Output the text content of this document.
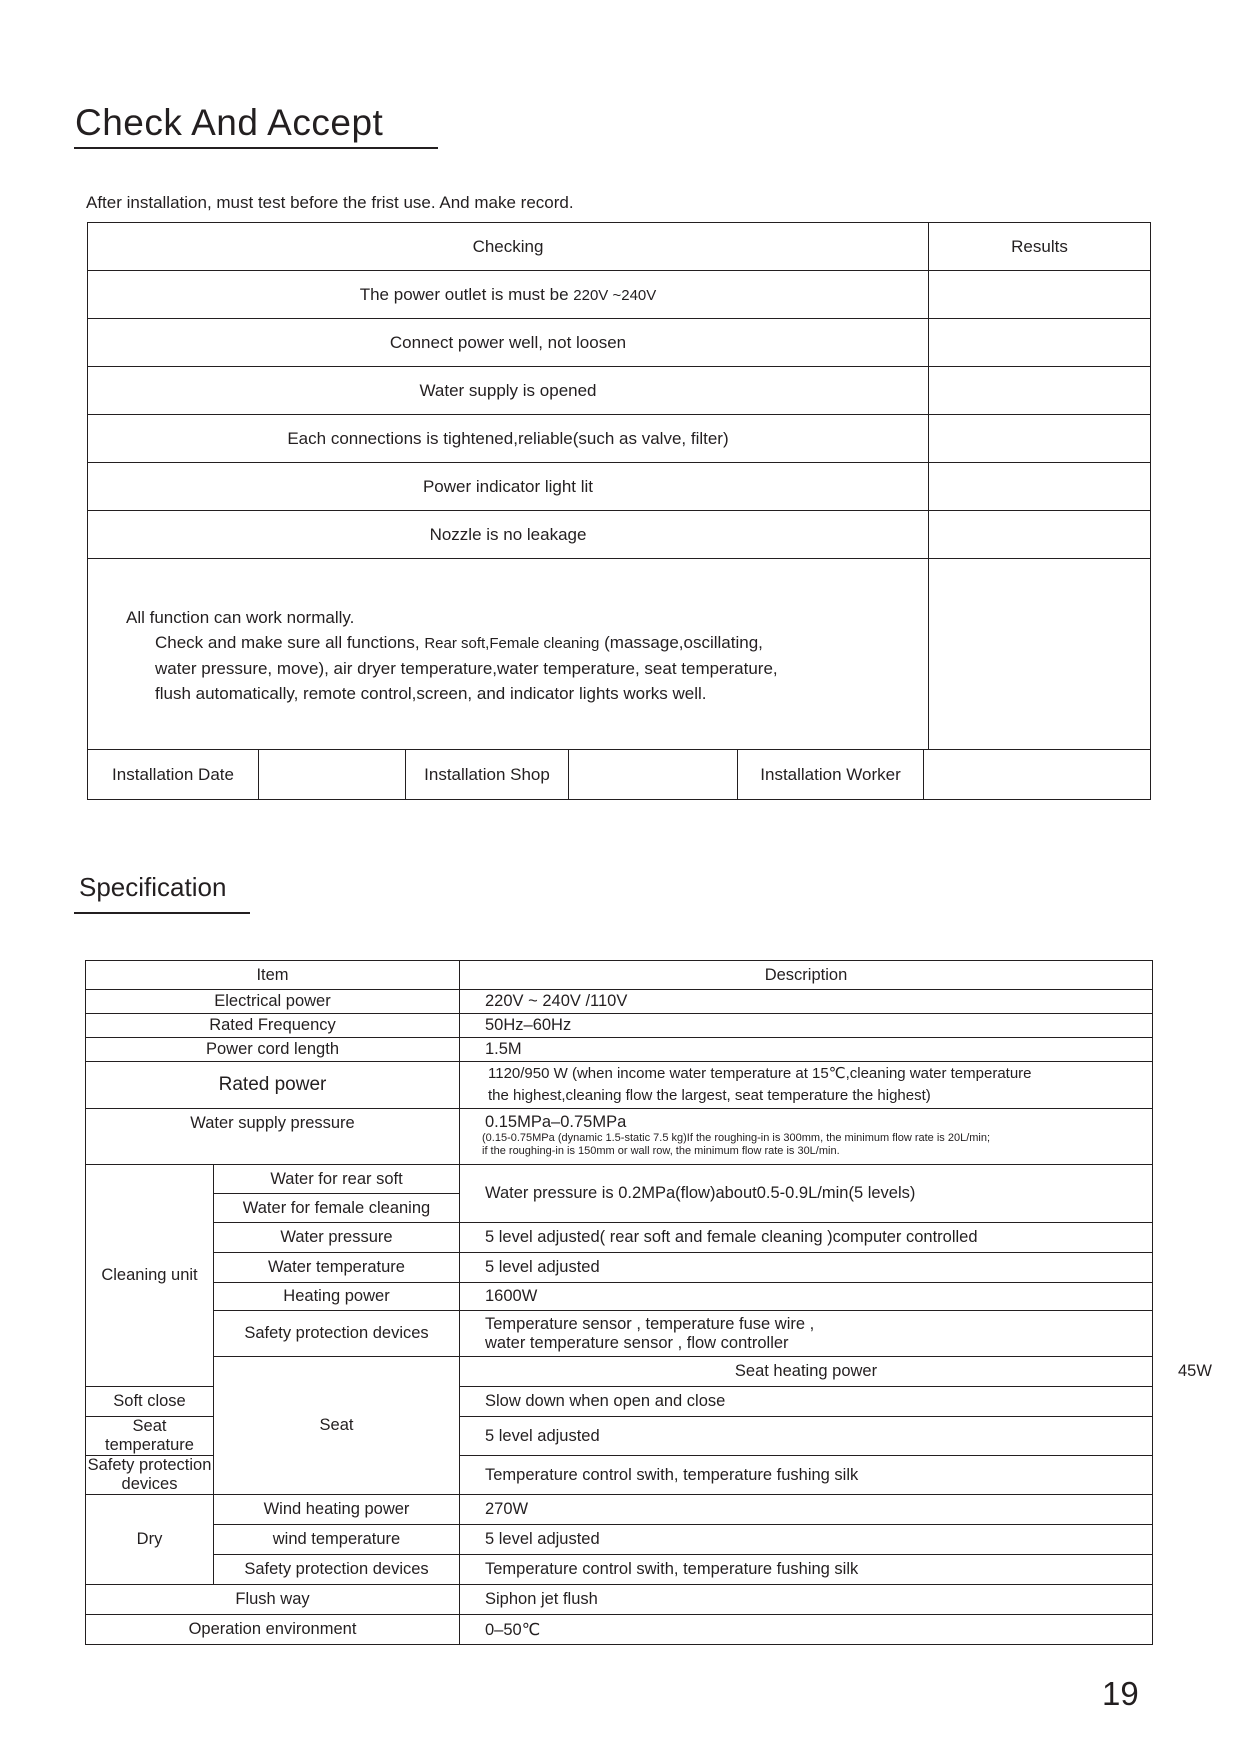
Check And Accept
After installation, must test before the frist use. And make record.
Checking	Results
The power outlet is must be 220V ~240V	
Connect power well, not loosen	
Water supply is opened	
Each connections is tightened,reliable(such as valve, filter)	
Power indicator light lit	
Nozzle is no leakage	

All function can work normally.
Check and make sure all functions, Rear soft,Female cleaning (massage,oscillating,
water pressure, move), air dryer temperature,water temperature, seat temperature,
flush automatically, remote control,screen, and indicator lights works well.	

Installation Date		Installation Shop		Installation Worker	
Specification
Item		Description	
Electrical power		220V ~ 240V /110V	
Rated Frequency		50Hz–60Hz	
Power cord length		1.5M	
Rated power		1120/950 W (when income water temperature at 15℃,cleaning water temperature
the highest,cleaning flow the largest, seat temperature the highest)	

Water supply pressure		0.15MPa–0.75MPa
(0.15-0.75MPa (dynamic 1.5-static 7.5 kg)If the roughing-in is 300mm, the minimum flow rate is 20L/min;
if the roughing-in is 150mm or wall row, the minimum flow rate is 30L/min.	

Cleaning unit	Water for rear soft	Water pressure is 0.2MPa(flow)about0.5-0.9L/min(5 levels)	
	Water for female cleaning		
	Water pressure	5 level adjusted( rear soft and female cleaning )computer controlled	
	Water temperature	5 level adjusted	
	Heating power	1600W	
	Safety protection devices	Temperature sensor , temperature fuse wire ,
water temperature sensor , flow controller	

	Seat	Seat heating power	45W
Soft close		Slow down when open and close	
Seat temperature		5 level adjusted	
Safety protection devices		Temperature control swith, temperature fushing silk	
Dry	Wind heating power	270W	
	wind temperature	5 level adjusted	
	Safety protection devices	Temperature control swith, temperature fushing silk	
Flush way		Siphon jet flush	
Operation environment		0–50℃	
19
